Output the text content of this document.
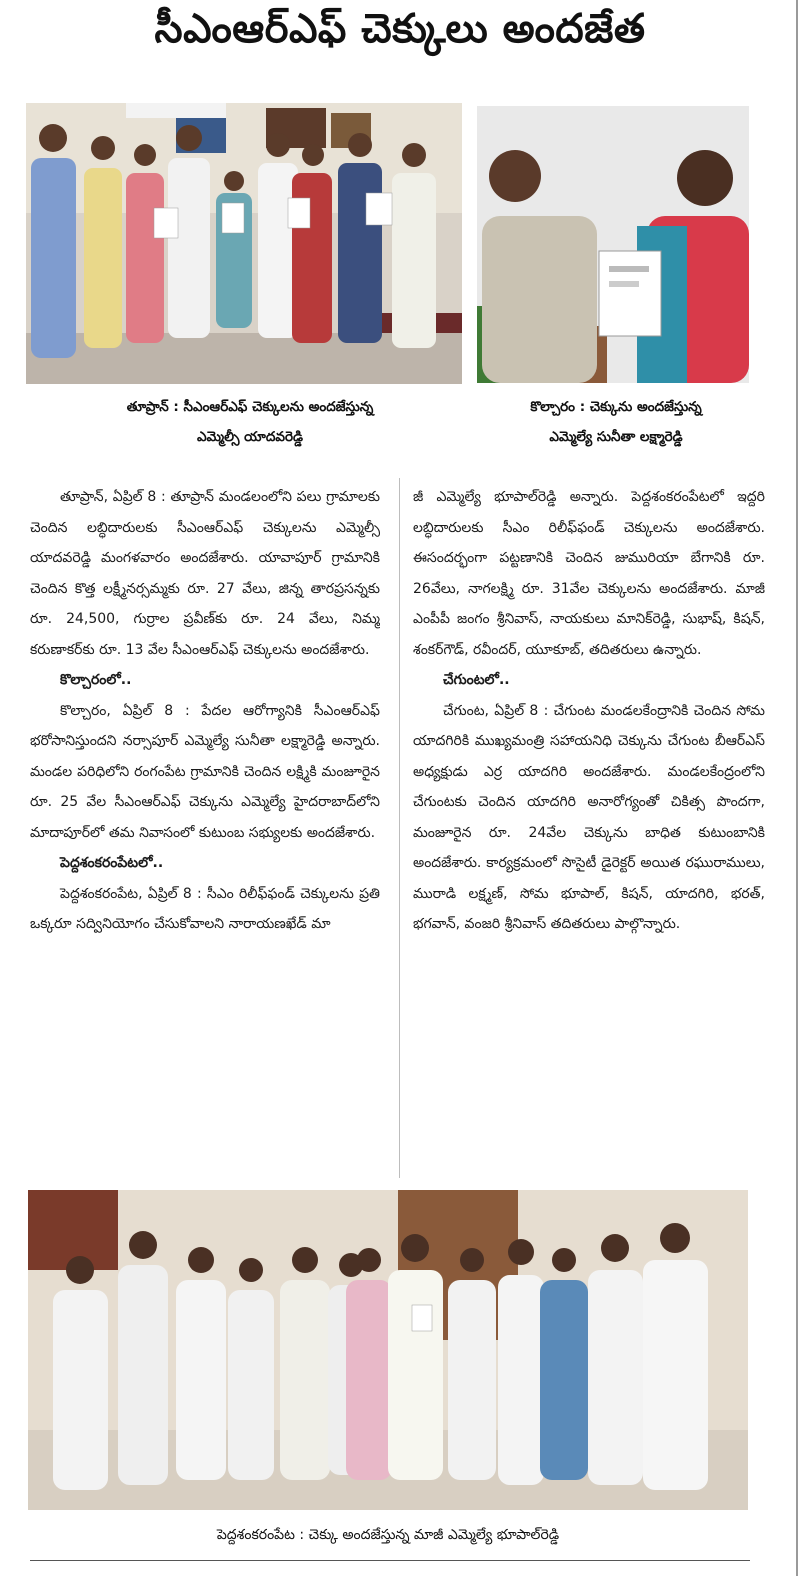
సీఎంఆర్ఎఫ్ చెక్కులు అందజేత
తూప్రాన్ : సీఎంఆర్ఎఫ్ చెక్కులను అందజేస్తున్న
ఎమ్మెల్సీ యాదవరెడ్డి
కొల్చారం : చెక్కును అందజేస్తున్న
ఎమ్మెల్యే సునీతా లక్ష్మారెడ్డి

తూప్రాన్, ఏప్రిల్ 8 : తూప్రాన్ మండలంలోని పలు గ్రామాలకు చెందిన లబ్ధిదారులకు సీఎంఆర్ఎఫ్ చెక్కులను ఎమ్మెల్సీ యాదవరెడ్డి మంగళవారం అందజేశారు. యావాపూర్ గ్రామానికి చెందిన కొత్త లక్ష్మీనర్సమ్మకు రూ. 27 వేలు, జిన్న తారప్రసన్నకు రూ. 24,500, గుర్రాల ప్రవీణ్‌కు రూ. 24 వేలు, నిమ్మ కరుణాకర్‌కు రూ. 13 వేల సీఎంఆర్ఎఫ్ చెక్కులను అందజేశారు.

కొల్చారంలో..

కొల్చారం, ఏప్రిల్ 8 : పేదల ఆరోగ్యానికి సీఎంఆర్ఎఫ్ భరోసానిస్తుందని నర్సాపూర్ ఎమ్మెల్యే సునీతా లక్ష్మారెడ్డి అన్నారు. మండల పరిధిలోని రంగంపేట గ్రామానికి చెందిన లక్ష్మికి మంజూరైన రూ. 25 వేల సీఎంఆర్ఎఫ్ చెక్కును ఎమ్మెల్యే హైదరాబాద్‌లోని మాదాపూర్‌లో తమ నివాసంలో కుటుంబ సభ్యులకు అందజేశారు.

పెద్దశంకరంపేటలో..

పెద్దశంకరంపేట, ఏప్రిల్ 8 : సీఎం రిలీఫ్‌ఫండ్ చెక్కులను ప్రతి ఒక్కరూ సద్వినియోగం చేసుకోవాలని నారాయణఖేడ్ మా

జీ ఎమ్మెల్యే భూపాల్‌రెడ్డి అన్నారు. పెద్దశంకరంపేటలో ఇద్దరి లబ్ధిదారులకు సీఎం రిలీఫ్‌ఫండ్ చెక్కులను అందజేశారు. ఈసందర్భంగా పట్టణానికి చెందిన జుమురియా బేగానికి రూ. 26వేలు, నాగలక్ష్మి రూ. 31వేల చెక్కులను అందజేశారు. మాజీ ఎంపీపీ జంగం శ్రీనివాస్, నాయకులు మానిక్‌రెడ్డి, సుభాష్, కిషన్, శంకర్‌గౌడ్, రవీందర్, యూకూబ్, తదితరులు ఉన్నారు.

చేగుంటలో..

చేగుంట, ఏప్రిల్ 8 : చేగుంట మండలకేంద్రానికి చెందిన సోమ యాదగిరికి ముఖ్యమంత్రి సహాయనిధి చెక్కును చేగుంట బీఆర్ఎస్ అధ్యక్షుడు ఎర్ర యాదగిరి అందజేశారు. మండలకేంద్రంలోని చేగుంటకు చెందిన యాదగిరి అనారోగ్యంతో చికిత్స పొందగా, మంజూరైన రూ. 24వేల చెక్కును బాధిత కుటుంబానికి అందజేశారు. కార్యక్రమంలో సొసైటీ డైరెక్టర్ అయిత రఘురాములు, మురాడి లక్ష్మణ్, సోమ భూపాల్, కిషన్, యాదగిరి, భరత్, భగవాన్, వంజరి శ్రీనివాస్ తదితరులు పాల్గొన్నారు.

పెద్దశంకరంపేట : చెక్కు అందజేస్తున్న మాజీ ఎమ్మెల్యే భూపాల్‌రెడ్డి
